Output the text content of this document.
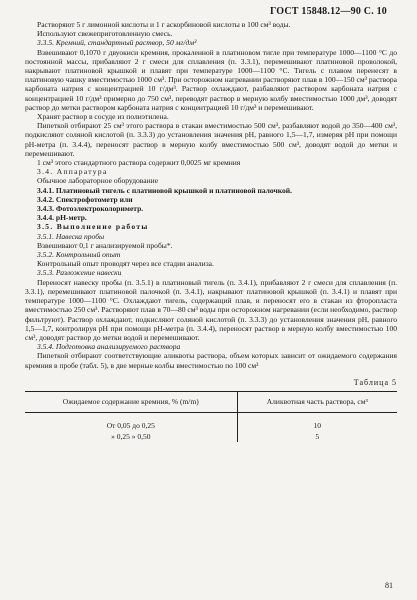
ГОСТ 15848.12—90 С. 10

Растворяют 5 г лимонной кислоты и 1 г аскорбиновой кислоты в 100 см³ воды.

Используют свежеприготовленную смесь.

3.3.5. Кремний, стандартный раствор, 50 мг/дм³

Взвешивают 0,1070 г двуокиси кремния, прокаленной в платиновом тигле при температуре 1000—1100 °С до постоянной массы, прибавляют 2 г смеси для сплавления (п. 3.3.1), перемешивают платиновой проволокой, накрывают платиновой крышкой и плавят при температуре 1000—1100 °С. Тигель с плавом перенесят в платиновую чашку вместимостью 1000 см³. При осторожном нагревании растворяют плав в 100—150 см³ раствора карбоната натрия с концентрацией 10 г/дм³. Раствор охлаждают, разбавляют раствором карбоната натрия с концентрацией 10 г/дм³ примерно до 750 см³, переводят раствор в мерную колбу вместимостью 1000 дм³, доводят раствор до метки раствором карбоната натрия с концентрацией 10 г/дм³ и перемешивают.

Хранят раствор в сосуде из полиэтилена.

Пипеткой отбирают 25 см³ этого раствора в стакан вместимостью 500 см³, разбавляют водой до 350—400 см³, подкисляют соляной кислотой (п. 3.3.3) до установления значения рН, равного 1,5—1,7, измеряя рН при помощи рН-метра (п. 3.4.4), переносят раствор в мерную колбу вместимостью 500 см³, доводят водой до метки и перемешивают.

1 см³ этого стандартного раствора содержит 0,0025 мг кремния

3.4. Аппаратура

Обычное лабораторное оборудование

3.4.1. Платиновый тигель с платиновой крышкой и платиновой палочкой.

3.4.2. Спектрофотометр или

3.4.3. Фотоэлектроколориметр.

3.4.4. рН-метр.

3.5. Выполнение работы

3.5.1. Навеска пробы

Взвешивают 0,1 г анализируемой пробы*.

3.5.2. Контрольный опыт

Контрольный опыт проводят через все стадии анализа.

3.5.3. Разложение навески

Переносят навеску пробы (п. 3.5.1) в платиновый тигель (п. 3.4.1), прибавляют 2 г смеси для сплавления (п. 3.3.1), перемешивают платиновой палочкой (п. 3.4.1), накрывают платиновой крышкой (п. 3.4.1) и плавят при температуре 1000—1100 °С. Охлаждают тигель, содержащий плав, и переносят его в стакан из фторопласта вместимостью 250 см³. Растворяют плав в 70—80 см³ воды при осторожном нагревании (если необходимо, раствор фильтруют). Раствор охлаждают, подкисляют соляной кислотой (п. 3.3.3) до установления значения рН, равного 1,5—1,7, контролируя рН при помощи рН-метра (п. 3.4.4), переносят раствор в мерную колбу вместимостью 100 см³, доводят раствор до метки водой и перемешивают.

3.5.4. Подготовка анализируемого раствора

Пипеткой отбирают соответствующие аликвоты раствора, объем которых зависит от ожидаемого содержания кремния в пробе (табл. 5), в две мерные колбы вместимостью по 100 см³

Таблица 5
Ожидаемое содержание кремния, % (m/m)	Аликвотная часть раствора, см³
От 0,05 до 0,25	10
» 0,25 » 0,50	5
81
